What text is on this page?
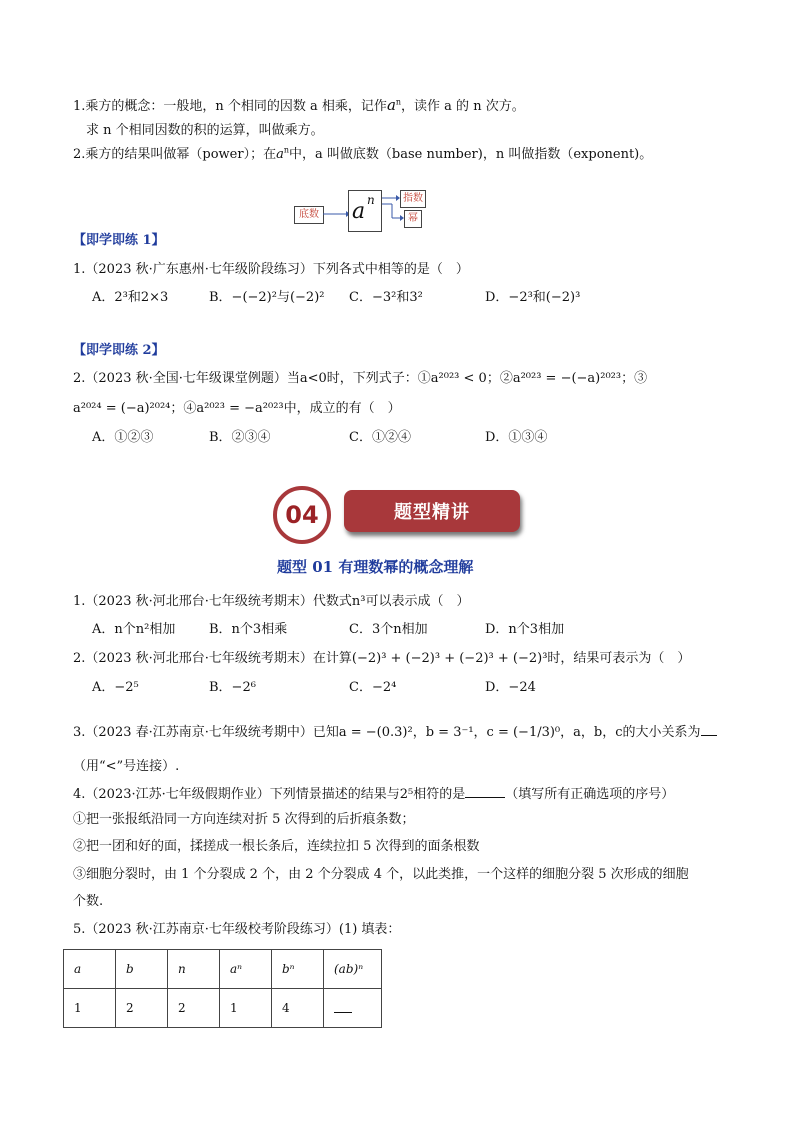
1.乘方的概念：一般地，n 个相同的因数 a 相乘，记作$a^n$，读作 a 的 n 次方。
求 n 个相同因数的积的运算，叫做乘方。
2.乘方的结果叫做幂（power）；在$a^n$中，a 叫做底数（base number)，n 叫做指数（exponent)。
底数 a n	指数
幂
【即学即练 1】
1.（2023 秋·广东惠州·七年级阶段练习）下列各式中相等的是（　）
A．2³和2×3	B．−(−2)²与(−2)² C．−3²和3²	D．−2³和(−2)³
【即学即练 2】
2.（2023 秋·全国·七年级课堂例题）当a<0时，下列式子：①a²⁰²³ < 0；②a²⁰²³ = −(−a)²⁰²³；③
a²⁰²⁴ = (−a)²⁰²⁴；④a²⁰²³ = −a²⁰²³中，成立的有（　）
A．①②③	B．②③④	C．①②④	D．①③④
04	题型精讲
题型 01 有理数幂的概念理解
1.（2023 秋·河北邢台·七年级统考期末）代数式n³可以表示成（　）
A．n个n²相加	B．n个3相乘	C．3个n相加	D．n个3相加
2.（2023 秋·河北邢台·七年级统考期末）在计算(−2)³ + (−2)³ + (−2)³ + (−2)³时，结果可表示为（　）
A．−2⁵	B．−2⁶	C．−2⁴	D．−24
3.（2023 春·江苏南京·七年级统考期中）已知a = −(0.3)²，b = 3⁻¹，c = (−1/3)⁰，a，b，c的大小关系为
（用“<”号连接）.
4.（2023·江苏·七年级假期作业）下列情景描述的结果与2⁵相符的是	（填写所有正确选项的序号）
①把一张报纸沿同一方向连续对折 5 次得到的后折痕条数；
②把一团和好的面，揉搓成一根长条后，连续拉扣 5 次得到的面条根数
③细胞分裂时，由 1 个分裂成 2 个，由 2 个分裂成 4 个，以此类推，一个这样的细胞分裂 5 次形成的细胞
个数.
5.（2023 秋·江苏南京·七年级校考阶段练习）(1) 填表：
a	b	n	aⁿ	bⁿ	(ab)ⁿ
1	2	2	1	4	
